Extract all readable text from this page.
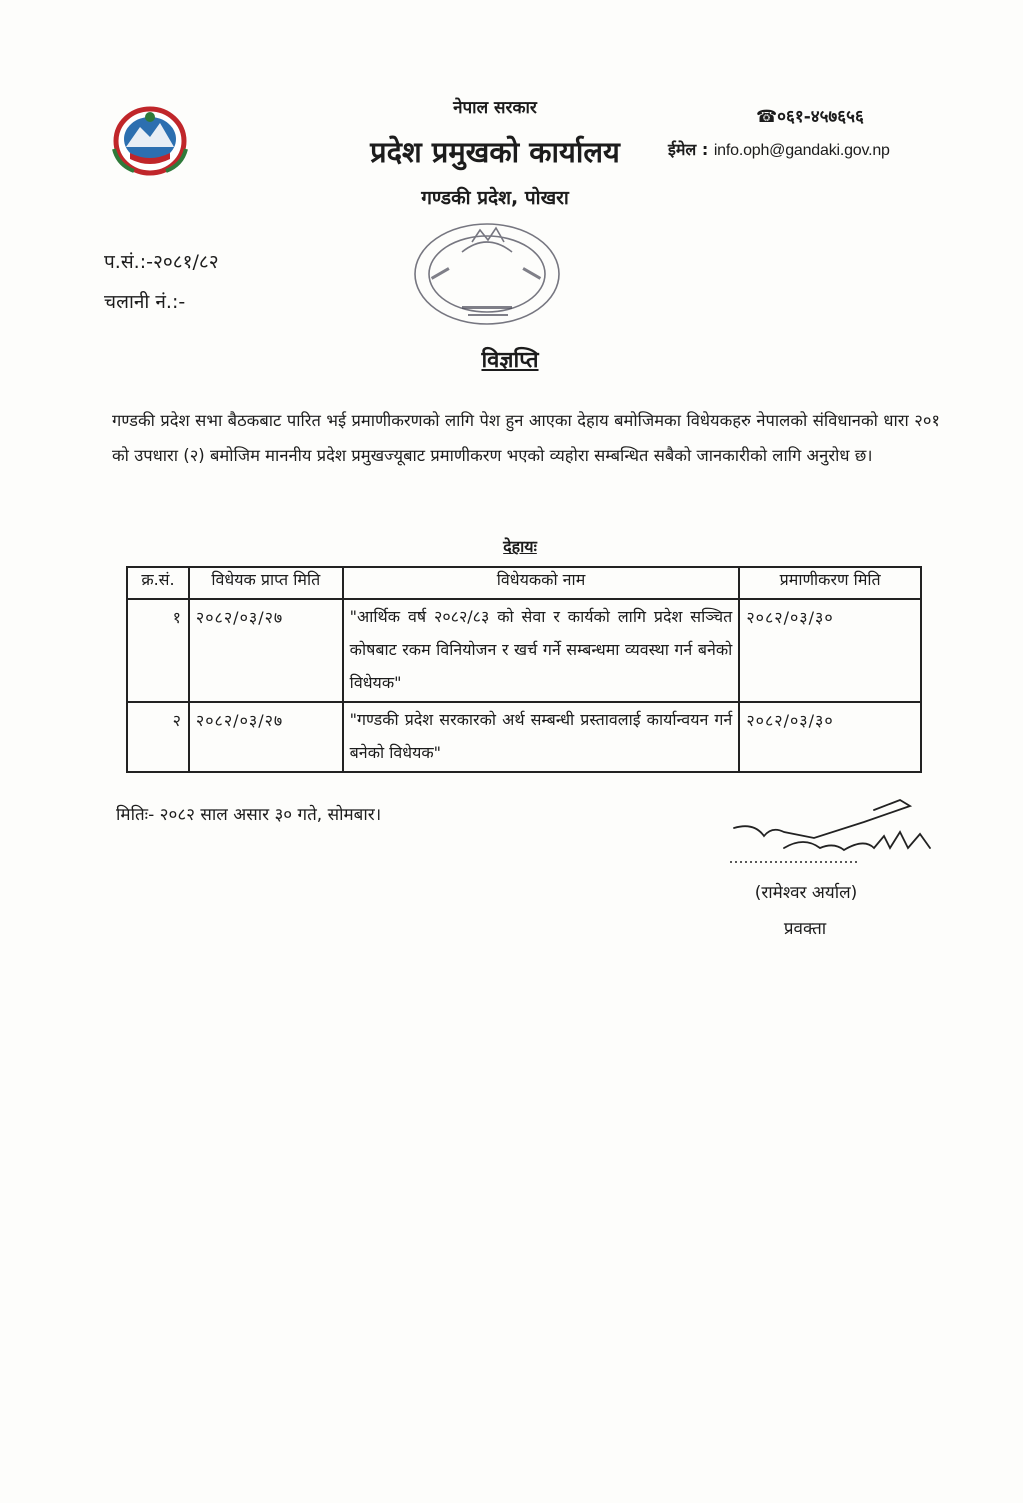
नेपाल सरकार
प्रदेश प्रमुखको कार्यालय
गण्डकी प्रदेश, पोखरा
☎०६१-४५७६५६
ईमेल : info.oph@gandaki.gov.np
प.सं.:-२०८१/८२
चलानी नं.:-
विज्ञप्ति
गण्डकी प्रदेश सभा बैठकबाट पारित भई प्रमाणीकरणको लागि पेश हुन आएका देहाय बमोजिमका विधेयकहरु नेपालको संविधानको धारा २०१ को उपधारा (२) बमोजिम माननीय प्रदेश प्रमुखज्यूबाट प्रमाणीकरण भएको व्यहोरा सम्बन्धित सबैको जानकारीको लागि अनुरोध छ।
देहायः
क्र.सं.	विधेयक प्राप्त मिति	विधेयकको नाम	प्रमाणीकरण मिति
१	२०८२/०३/२७	"आर्थिक वर्ष २०८२/८३ को सेवा र कार्यको लागि प्रदेश सञ्चित कोषबाट रकम विनियोजन र खर्च गर्ने सम्बन्धमा व्यवस्था गर्न बनेको विधेयक"	२०८२/०३/३०
२	२०८२/०३/२७	"गण्डकी प्रदेश सरकारको अर्थ सम्बन्धी प्रस्तावलाई कार्यान्वयन गर्न बनेको विधेयक"	२०८२/०३/३०
मितिः- २०८२ साल असार ३० गते, सोमबार।
(रामेश्वर अर्याल)
प्रवक्ता
